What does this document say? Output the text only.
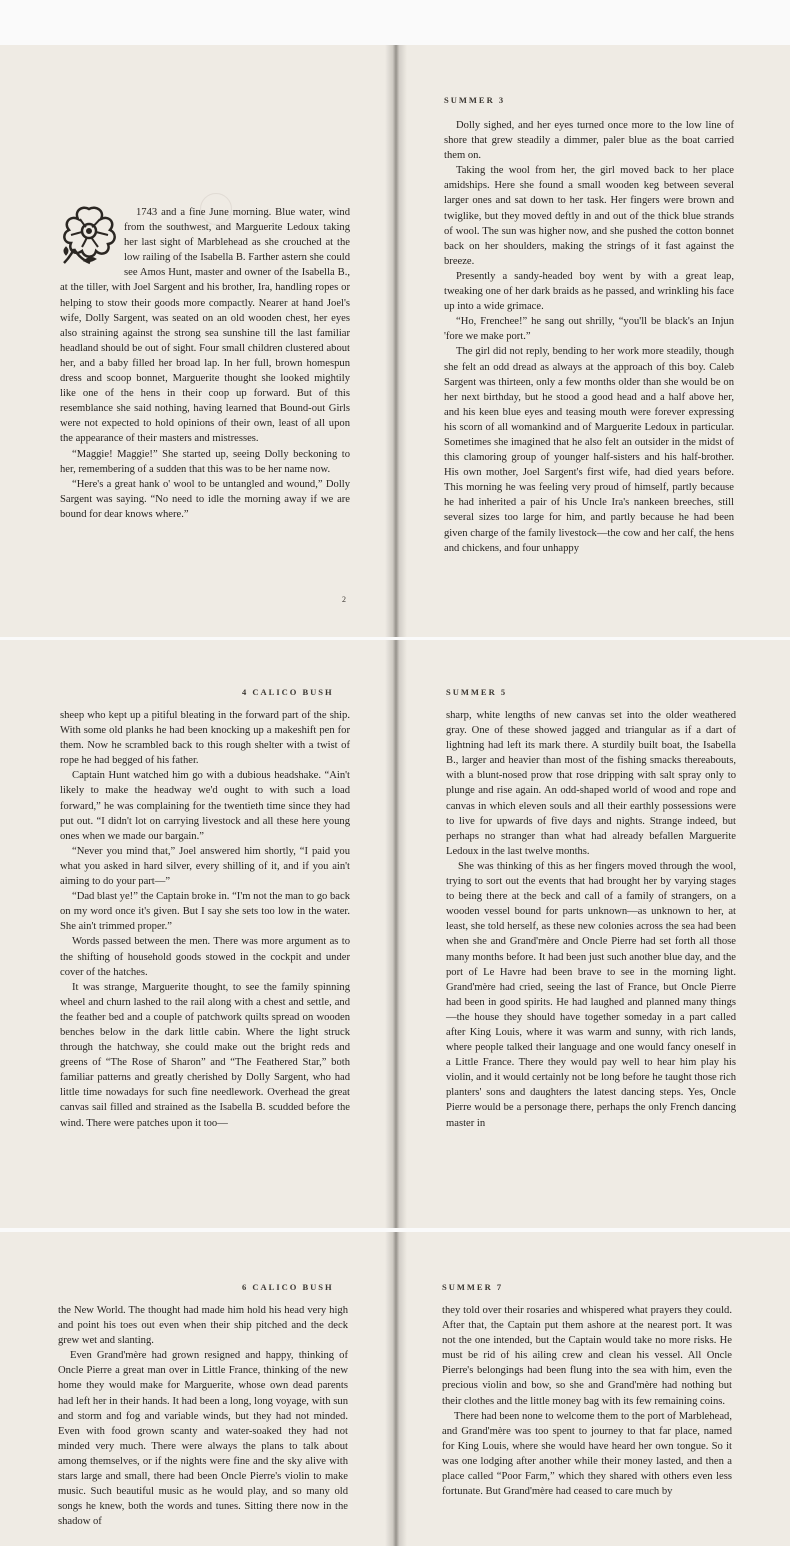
1743 and a fine June morning. Blue water, wind from the southwest, and Marguerite Ledoux taking her last sight of Marblehead as she crouched at the low railing of the Isabella B. Farther astern she could see Amos Hunt, master and owner of the Isabella B., at the tiller, with Joel Sargent and his brother, Ira, handling ropes or helping to stow their goods more compactly. Nearer at hand Joel's wife, Dolly Sargent, was seated on an old wooden chest, her eyes also straining against the strong sea sunshine till the last familiar headland should be out of sight. Four small children clustered about her, and a baby filled her broad lap. In her full, brown homespun dress and scoop bonnet, Marguerite thought she looked mightily like one of the hens in their coop up forward. But of this resemblance she said nothing, having learned that Bound-out Girls were not expected to hold opinions of their own, least of all upon the appearance of their masters and mistresses.

“Maggie! Maggie!” She started up, seeing Dolly beckoning to her, remembering of a sudden that this was to be her name now.

“Here's a great hank o' wool to be untangled and wound,” Dolly Sargent was saying. “No need to idle the morning away if we are bound for dear knows where.”

2
SUMMER 3

Dolly sighed, and her eyes turned once more to the low line of shore that grew steadily a dimmer, paler blue as the boat carried them on.

Taking the wool from her, the girl moved back to her place amidships. Here she found a small wooden keg between several larger ones and sat down to her task. Her fingers were brown and twiglike, but they moved deftly in and out of the thick blue strands of wool. The sun was higher now, and she pushed the cotton bonnet back on her shoulders, making the strings of it fast against the breeze.

Presently a sandy-headed boy went by with a great leap, tweaking one of her dark braids as he passed, and wrinkling his face up into a wide grimace.

“Ho, Frenchee!” he sang out shrilly, “you'll be black's an Injun 'fore we make port.”

The girl did not reply, bending to her work more steadily, though she felt an odd dread as always at the approach of this boy. Caleb Sargent was thirteen, only a few months older than she would be on her next birthday, but he stood a good head and a half above her, and his keen blue eyes and teasing mouth were forever expressing his scorn of all womankind and of Marguerite Ledoux in particular. Sometimes she imagined that he also felt an outsider in the midst of this clamoring group of younger half-sisters and his half-brother. His own mother, Joel Sargent's first wife, had died years before. This morning he was feeling very proud of himself, partly because he had inherited a pair of his Uncle Ira's nankeen breeches, still several sizes too large for him, and partly because he had been given charge of the family livestock—the cow and her calf, the hens and chickens, and four unhappy

4 CALICO BUSH

sheep who kept up a pitiful bleating in the forward part of the ship. With some old planks he had been knocking up a makeshift pen for them. Now he scrambled back to this rough shelter with a twist of rope he had begged of his father.

Captain Hunt watched him go with a dubious headshake. “Ain't likely to make the headway we'd ought to with such a load forward,” he was complaining for the twentieth time since they had put out. “I didn't lot on carrying livestock and all these here young ones when we made our bargain.”

“Never you mind that,” Joel answered him shortly, “I paid you what you asked in hard silver, every shilling of it, and if you ain't aiming to do your part—”

“Dad blast ye!” the Captain broke in. “I'm not the man to go back on my word once it's given. But I say she sets too low in the water. She ain't trimmed proper.”

Words passed between the men. There was more argument as to the shifting of household goods stowed in the cockpit and under cover of the hatches.

It was strange, Marguerite thought, to see the family spinning wheel and churn lashed to the rail along with a chest and settle, and the feather bed and a couple of patchwork quilts spread on wooden benches below in the dark little cabin. Where the light struck through the hatchway, she could make out the bright reds and greens of “The Rose of Sharon” and “The Feathered Star,” both familiar patterns and greatly cherished by Dolly Sargent, who had little time nowadays for such fine needlework. Overhead the great canvas sail filled and strained as the Isabella B. scudded before the wind. There were patches upon it too—

SUMMER 5

sharp, white lengths of new canvas set into the older weathered gray. One of these showed jagged and triangular as if a dart of lightning had left its mark there. A sturdily built boat, the Isabella B., larger and heavier than most of the fishing smacks thereabouts, with a blunt-nosed prow that rose dripping with salt spray only to plunge and rise again. An odd-shaped world of wood and rope and canvas in which eleven souls and all their earthly possessions were to live for upwards of five days and nights. Strange indeed, but perhaps no stranger than what had already befallen Marguerite Ledoux in the last twelve months.

She was thinking of this as her fingers moved through the wool, trying to sort out the events that had brought her by varying stages to being there at the beck and call of a family of strangers, on a wooden vessel bound for parts unknown—as unknown to her, at least, she told herself, as these new colonies across the sea had been when she and Grand'mère and Oncle Pierre had set forth all those many months before. It had been just such another blue day, and the port of Le Havre had been brave to see in the morning light. Grand'mère had cried, seeing the last of France, but Oncle Pierre had been in good spirits. He had laughed and planned many things—the house they should have together someday in a part called after King Louis, where it was warm and sunny, with rich lands, where people talked their language and one would fancy oneself in a Little France. There they would pay well to hear him play his violin, and it would certainly not be long before he taught those rich planters' sons and daughters the latest dancing steps. Yes, Oncle Pierre would be a personage there, perhaps the only French dancing master in

6 CALICO BUSH

the New World. The thought had made him hold his head very high and point his toes out even when their ship pitched and the deck grew wet and slanting.

Even Grand'mère had grown resigned and happy, thinking of Oncle Pierre a great man over in Little France, thinking of the new home they would make for Marguerite, whose own dead parents had left her in their hands. It had been a long, long voyage, with sun and storm and fog and variable winds, but they had not minded. Even with food grown scanty and water-soaked they had not minded very much. There were always the plans to talk about among themselves, or if the nights were fine and the sky alive with stars large and small, there had been Oncle Pierre's violin to make music. Such beautiful music as he would play, and so many old songs he knew, both the words and tunes. Sitting there now in the shadow of

SUMMER 7

they told over their rosaries and whispered what prayers they could. After that, the Captain put them ashore at the nearest port. It was not the one intended, but the Captain would take no more risks. He must be rid of his ailing crew and clean his vessel. All Oncle Pierre's belongings had been flung into the sea with him, even the precious violin and bow, so she and Grand'mère had nothing but their clothes and the little money bag with its few remaining coins.

There had been none to welcome them to the port of Marblehead, and Grand'mère was too spent to journey to that far place, named for King Louis, where she would have heard her own tongue. So it was one lodging after another while their money lasted, and then a place called “Poor Farm,” which they shared with others even less fortunate. But Grand'mère had ceased to care much by
